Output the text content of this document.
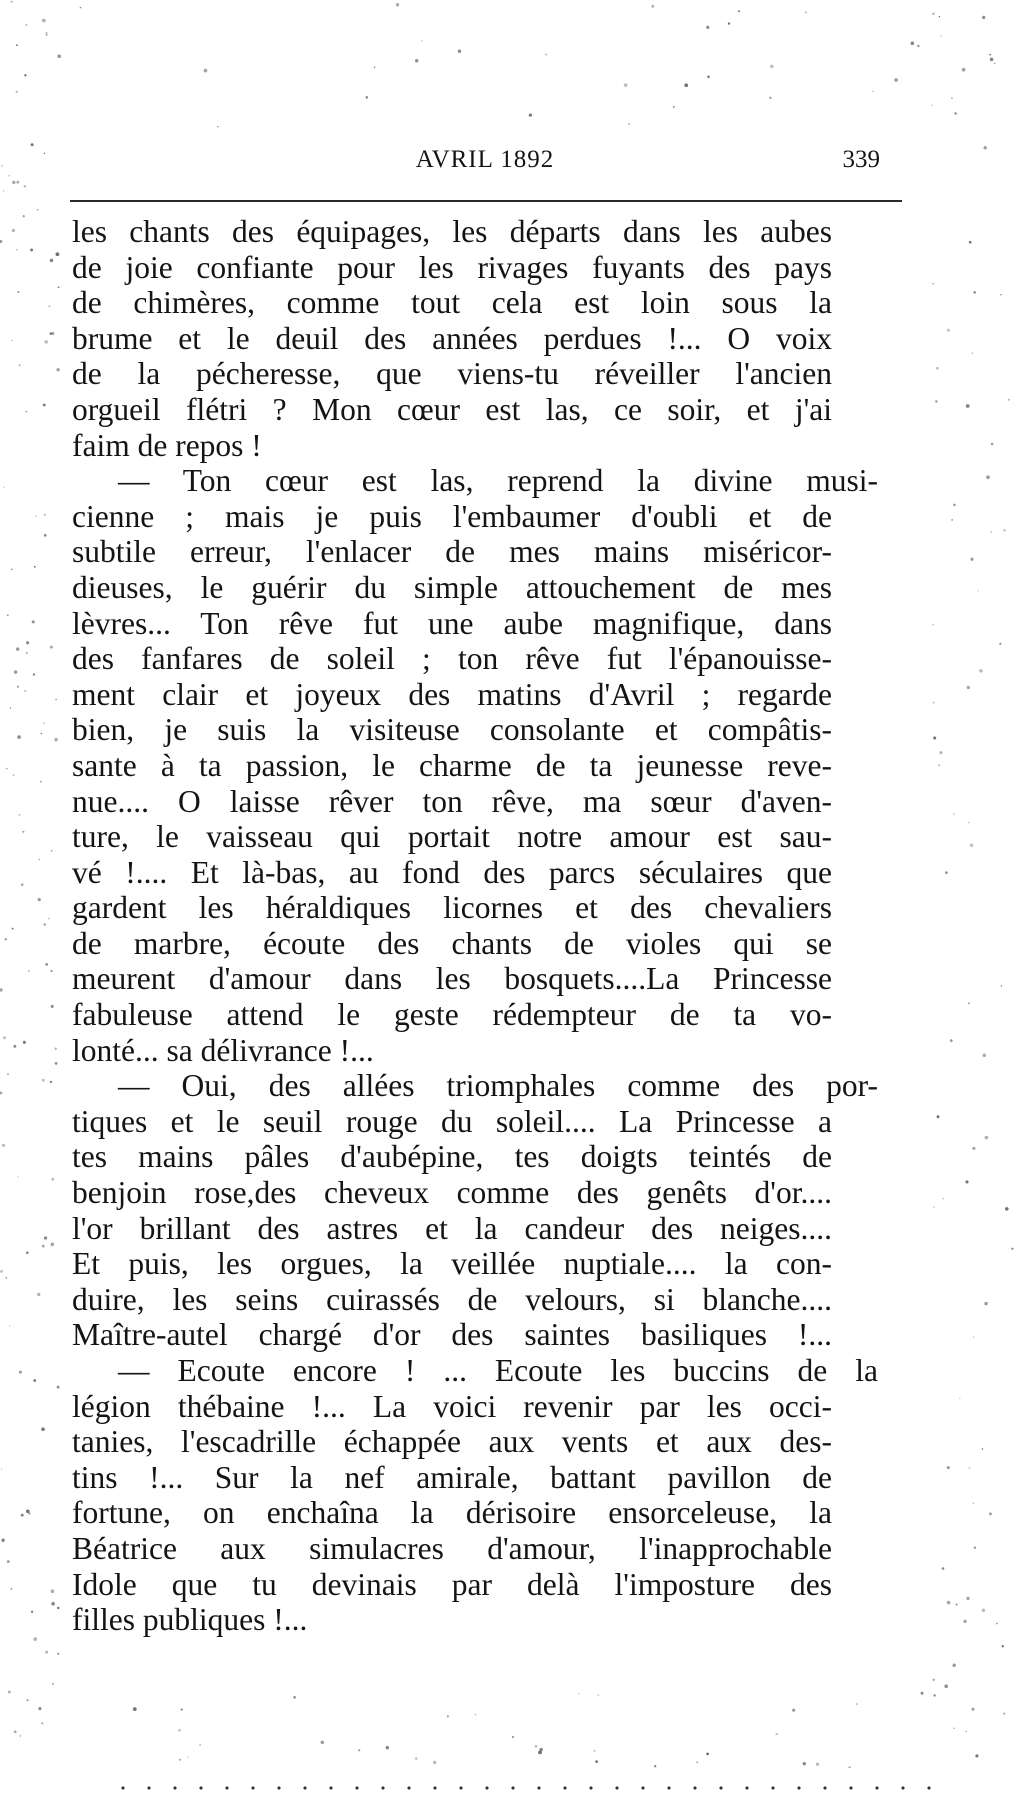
AVRIL 1892	339
les chants des équipages, les départs dans les aubes
de joie confiante pour les rivages fuyants des pays
de chimères, comme tout cela est loin sous la
brume et le deuil des années perdues !... O voix
de la pécheresse, que viens-tu réveiller l'ancien
orgueil flétri ? Mon cœur est las, ce soir, et j'ai
faim de repos !
— Ton cœur est las, reprend la divine musi-
cienne ; mais je puis l'embaumer d'oubli et de
subtile erreur, l'enlacer de mes mains miséricor-
dieuses, le guérir du simple attouchement de mes
lèvres... Ton rêve fut une aube magnifique, dans
des fanfares de soleil ; ton rêve fut l'épanouisse-
ment clair et joyeux des matins d'Avril ; regarde
bien, je suis la visiteuse consolante et compâtis-
sante à ta passion, le charme de ta jeunesse reve-
nue.... O laisse rêver ton rêve, ma sœur d'aven-
ture, le vaisseau qui portait notre amour est sau-
vé !.... Et là-bas, au fond des parcs séculaires que
gardent les héraldiques licornes et des chevaliers
de marbre, écoute des chants de violes qui se
meurent d'amour dans les bosquets....La Princesse
fabuleuse attend le geste rédempteur de ta vo-
lonté... sa délivrance !...
— Oui, des allées triomphales comme des por-
tiques et le seuil rouge du soleil.... La Princesse a
tes mains pâles d'aubépine, tes doigts teintés de
benjoin rose,des cheveux comme des genêts d'or....
l'or brillant des astres et la candeur des neiges....
Et puis, les orgues, la veillée nuptiale.... la con-
duire, les seins cuirassés de velours, si blanche....
Maître-autel chargé d'or des saintes basiliques !...
— Ecoute encore ! ... Ecoute les buccins de la
légion thébaine !... La voici revenir par les occi-
tanies, l'escadrille échappée aux vents et aux des-
tins !... Sur la nef amirale, battant pavillon de
fortune, on enchaîna la dérisoire ensorceleuse, la
Béatrice aux simulacres d'amour, l'inapprochable
Idole que tu devinais par delà l'imposture des
filles publiques !...
